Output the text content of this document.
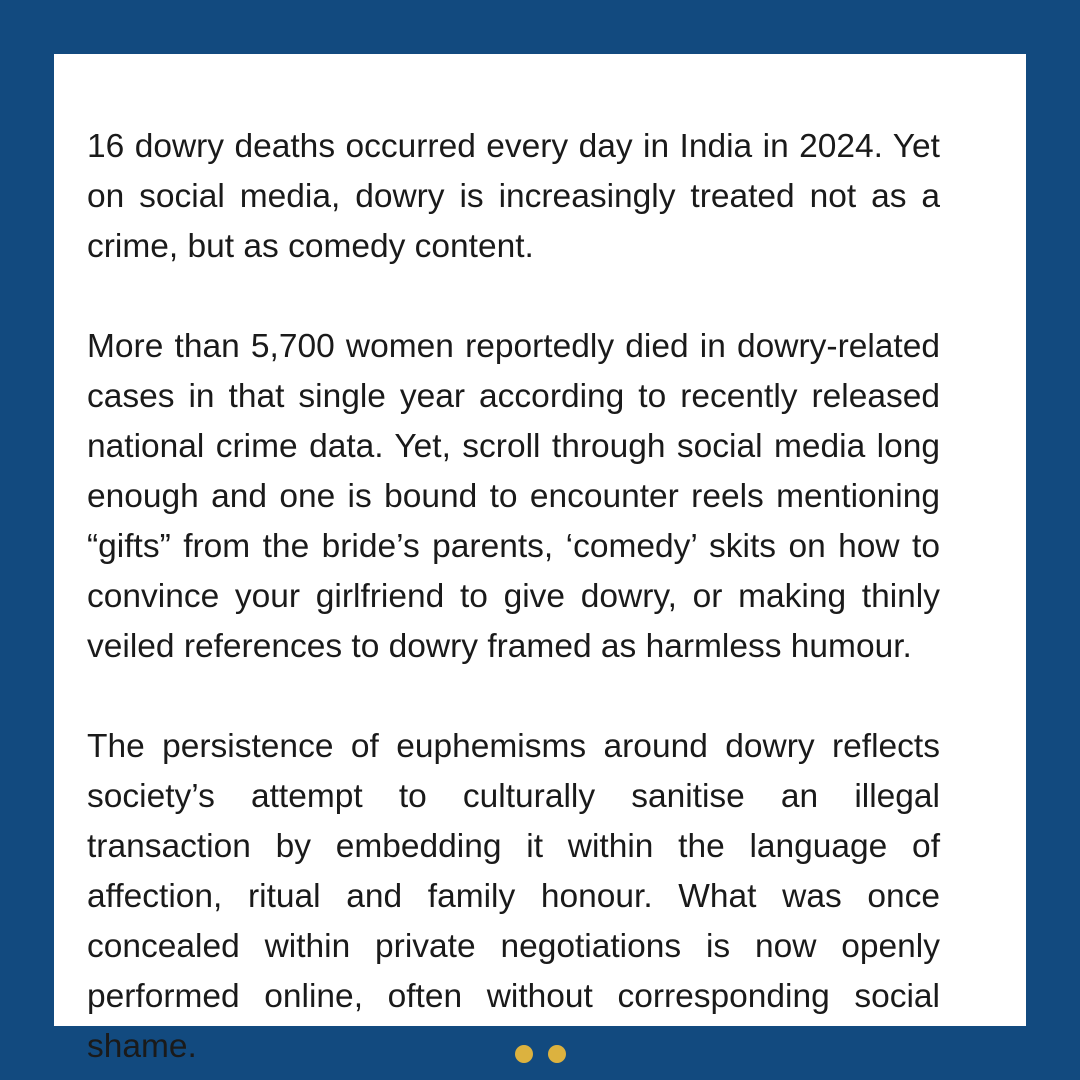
16 dowry deaths occurred every day in India in 2024. Yet on social media, dowry is increasingly treated not as a crime, but as comedy content.

More than 5,700 women reportedly died in dowry-related cases in that single year according to recently released national crime data. Yet, scroll through social media long enough and one is bound to encounter reels mentioning “gifts” from the bride’s parents, ‘comedy’ skits on how to convince your girlfriend to give dowry, or making thinly veiled references to dowry framed as harmless humour.

The persistence of euphemisms around dowry reflects society’s attempt to culturally sanitise an illegal transaction by embedding it within the language of affection, ritual and family honour. What was once concealed within private negotiations is now openly performed online, often without corresponding social shame.
